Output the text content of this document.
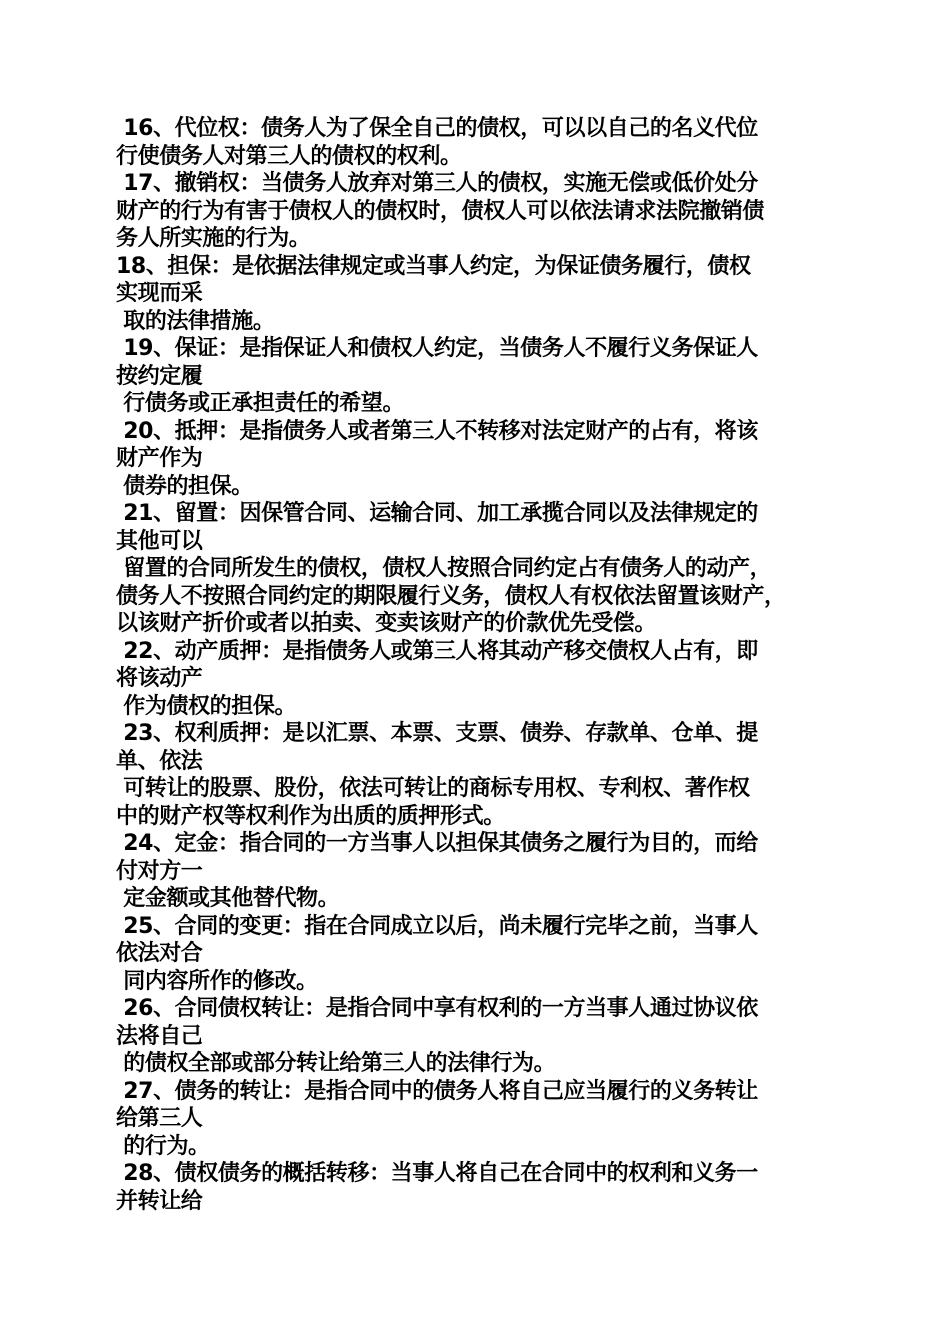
16、代位权：债务人为了保全自己的债权，可以以自己的名义代位
行使债务人对第三人的债权的权利。
17、撤销权：当债务人放弃对第三人的债权，实施无偿或低价处分
财产的行为有害于债权人的债权时，债权人可以依法请求法院撤销债
务人所实施的行为。
18、担保：是依据法律规定或当事人约定，为保证债务履行，债权
实现而采
取的法律措施。
19、保证：是指保证人和债权人约定，当债务人不履行义务保证人
按约定履
行债务或正承担责任的希望。
20、抵押：是指债务人或者第三人不转移对法定财产的占有，将该
财产作为
债券的担保。
21、留置：因保管合同、运输合同、加工承揽合同以及法律规定的
其他可以
留置的合同所发生的债权，债权人按照合同约定占有债务人的动产，
债务人不按照合同约定的期限履行义务，债权人有权依法留置该财产，
以该财产折价或者以拍卖、变卖该财产的价款优先受偿。
22、动产质押：是指债务人或第三人将其动产移交债权人占有，即
将该动产
作为债权的担保。
23、权利质押：是以汇票、本票、支票、债券、存款单、仓单、提
单、依法
可转让的股票、股份，依法可转让的商标专用权、专利权、著作权
中的财产权等权利作为出质的质押形式。
24、定金：指合同的一方当事人以担保其债务之履行为目的，而给
付对方一
定金额或其他替代物。
25、合同的变更：指在合同成立以后，尚未履行完毕之前，当事人
依法对合
同内容所作的修改。
26、合同债权转让：是指合同中享有权利的一方当事人通过协议依
法将自己
的债权全部或部分转让给第三人的法律行为。
27、债务的转让：是指合同中的债务人将自己应当履行的义务转让
给第三人
的行为。
28、债权债务的概括转移：当事人将自己在合同中的权利和义务一
并转让给
